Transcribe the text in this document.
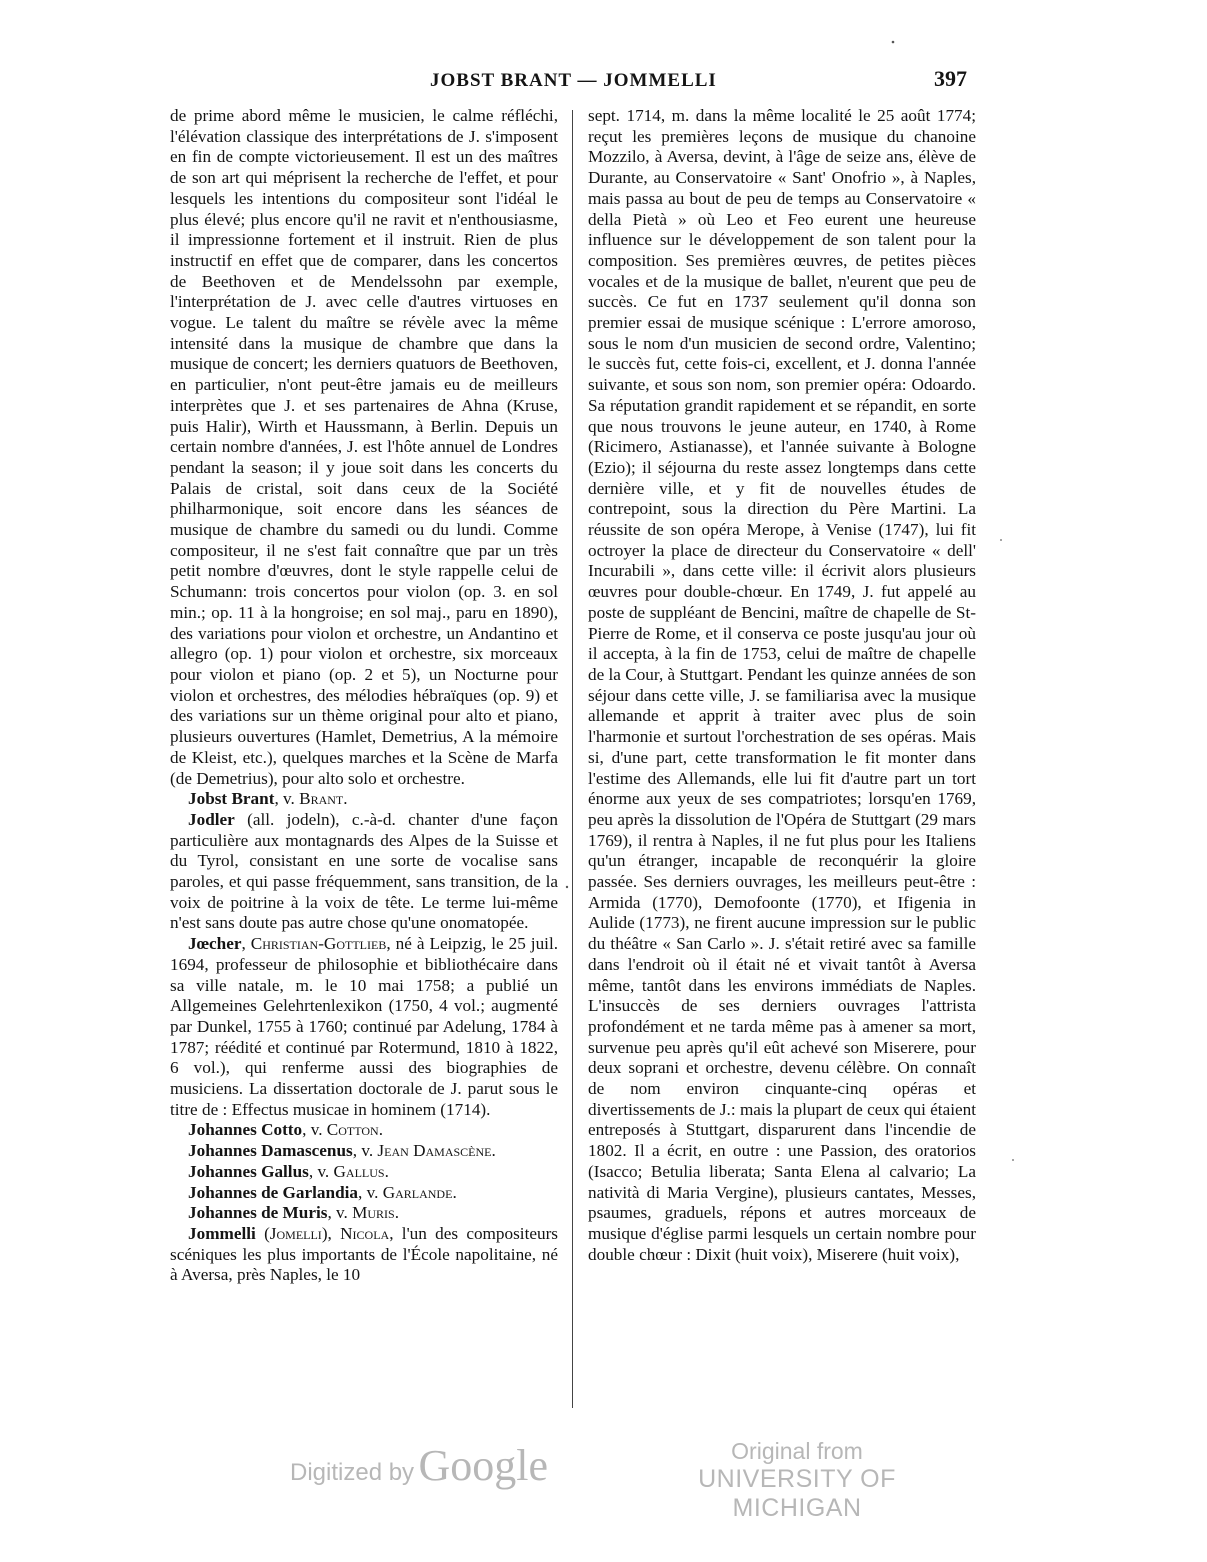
JOBST BRANT — JOMMELLI	397

de prime abord même le musicien, le calme réfléchi, l'élévation classique des interprétations de J. s'imposent en fin de compte victorieusement. Il est un des maîtres de son art qui méprisent la recherche de l'effet, et pour lesquels les intentions du compositeur sont l'idéal le plus élevé; plus encore qu'il ne ravit et n'enthousiasme, il impressionne fortement et il instruit. Rien de plus instructif en effet que de comparer, dans les concertos de Beethoven et de Mendelssohn par exemple, l'interprétation de J. avec celle d'autres virtuoses en vogue. Le talent du maître se révèle avec la même intensité dans la musique de chambre que dans la musique de concert; les derniers quatuors de Beethoven, en particulier, n'ont peut-être jamais eu de meilleurs interprètes que J. et ses partenaires de Ahna (Kruse, puis Halir), Wirth et Haussmann, à Berlin. Depuis un certain nombre d'années, J. est l'hôte annuel de Londres pendant la season; il y joue soit dans les concerts du Palais de cristal, soit dans ceux de la Société philharmonique, soit encore dans les séances de musique de chambre du samedi ou du lundi. Comme compositeur, il ne s'est fait connaître que par un très petit nombre d'œuvres, dont le style rappelle celui de Schumann: trois concertos pour violon (op. 3. en sol min.; op. 11 à la hongroise; en sol maj., paru en 1890), des variations pour violon et orchestre, un Andantino et allegro (op. 1) pour violon et orchestre, six morceaux pour violon et piano (op. 2 et 5), un Nocturne pour violon et orchestres, des mélodies hébraïques (op. 9) et des variations sur un thème original pour alto et piano, plusieurs ouvertures (Hamlet, Demetrius, A la mémoire de Kleist, etc.), quelques marches et la Scène de Marfa (de Demetrius), pour alto solo et orchestre.

Jobst Brant, v. Brant.

Jodler (all. jodeln), c.-à-d. chanter d'une façon particulière aux montagnards des Alpes de la Suisse et du Tyrol, consistant en une sorte de vocalise sans paroles, et qui passe fréquemment, sans transition, de la voix de poitrine à la voix de tête. Le terme lui-même n'est sans doute pas autre chose qu'une onomatopée.

Jœcher, Christian-Gottlieb, né à Leipzig, le 25 juil. 1694, professeur de philosophie et bibliothécaire dans sa ville natale, m. le 10 mai 1758; a publié un Allgemeines Gelehrtenlexikon (1750, 4 vol.; augmenté par Dunkel, 1755 à 1760; continué par Adelung, 1784 à 1787; réédité et continué par Rotermund, 1810 à 1822, 6 vol.), qui renferme aussi des biographies de musiciens. La dissertation doctorale de J. parut sous le titre de : Effectus musicae in hominem (1714).

Johannes Cotto, v. Cotton.

Johannes Damascenus, v. Jean Damascène.

Johannes Gallus, v. Gallus.

Johannes de Garlandia, v. Garlande.

Johannes de Muris, v. Muris.

Jommelli (Jomelli), Nicola, l'un des compositeurs scéniques les plus importants de l'École napolitaine, né à Aversa, près Naples, le 10

sept. 1714, m. dans la même localité le 25 août 1774; reçut les premières leçons de musique du chanoine Mozzilo, à Aversa, devint, à l'âge de seize ans, élève de Durante, au Conservatoire « Sant' Onofrio », à Naples, mais passa au bout de peu de temps au Conservatoire « della Pietà » où Leo et Feo eurent une heureuse influence sur le développement de son talent pour la composition. Ses premières œuvres, de petites pièces vocales et de la musique de ballet, n'eurent que peu de succès. Ce fut en 1737 seulement qu'il donna son premier essai de musique scénique : L'errore amoroso, sous le nom d'un musicien de second ordre, Valentino; le succès fut, cette fois-ci, excellent, et J. donna l'année suivante, et sous son nom, son premier opéra: Odoardo. Sa réputation grandit rapidement et se répandit, en sorte que nous trouvons le jeune auteur, en 1740, à Rome (Ricimero, Astianasse), et l'année suivante à Bologne (Ezio); il séjourna du reste assez longtemps dans cette dernière ville, et y fit de nouvelles études de contrepoint, sous la direction du Père Martini. La réussite de son opéra Merope, à Venise (1747), lui fit octroyer la place de directeur du Conservatoire « dell' Incurabili », dans cette ville: il écrivit alors plusieurs œuvres pour double-chœur. En 1749, J. fut appelé au poste de suppléant de Bencini, maître de chapelle de St-Pierre de Rome, et il conserva ce poste jusqu'au jour où il accepta, à la fin de 1753, celui de maître de chapelle de la Cour, à Stuttgart. Pendant les quinze années de son séjour dans cette ville, J. se familiarisa avec la musique allemande et apprit à traiter avec plus de soin l'harmonie et surtout l'orchestration de ses opéras. Mais si, d'une part, cette transformation le fit monter dans l'estime des Allemands, elle lui fit d'autre part un tort énorme aux yeux de ses compatriotes; lorsqu'en 1769, peu après la dissolution de l'Opéra de Stuttgart (29 mars 1769), il rentra à Naples, il ne fut plus pour les Italiens qu'un étranger, incapable de reconquérir la gloire passée. Ses derniers ouvrages, les meilleurs peut-être : Armida (1770), Demofoonte (1770), et Ifigenia in Aulide (1773), ne firent aucune impression sur le public du théâtre « San Carlo ». J. s'était retiré avec sa famille dans l'endroit où il était né et vivait tantôt à Aversa même, tantôt dans les environs immédiats de Naples. L'insuccès de ses derniers ouvrages l'attrista profondément et ne tarda même pas à amener sa mort, survenue peu après qu'il eût achevé son Miserere, pour deux soprani et orchestre, devenu célèbre. On connaît de nom environ cinquante-cinq opéras et divertissements de J.: mais la plupart de ceux qui étaient entreposés à Stuttgart, disparurent dans l'incendie de 1802. Il a écrit, en outre : une Passion, des oratorios (Isacco; Betulia liberata; Santa Elena al calvario; La natività di Maria Vergine), plusieurs cantates, Messes, psaumes, graduels, répons et autres morceaux de musique d'église parmi lesquels un certain nombre pour double chœur : Dixit (huit voix), Miserere (huit voix),

Digitized by Google	Original from
UNIVERSITY OF MICHIGAN
